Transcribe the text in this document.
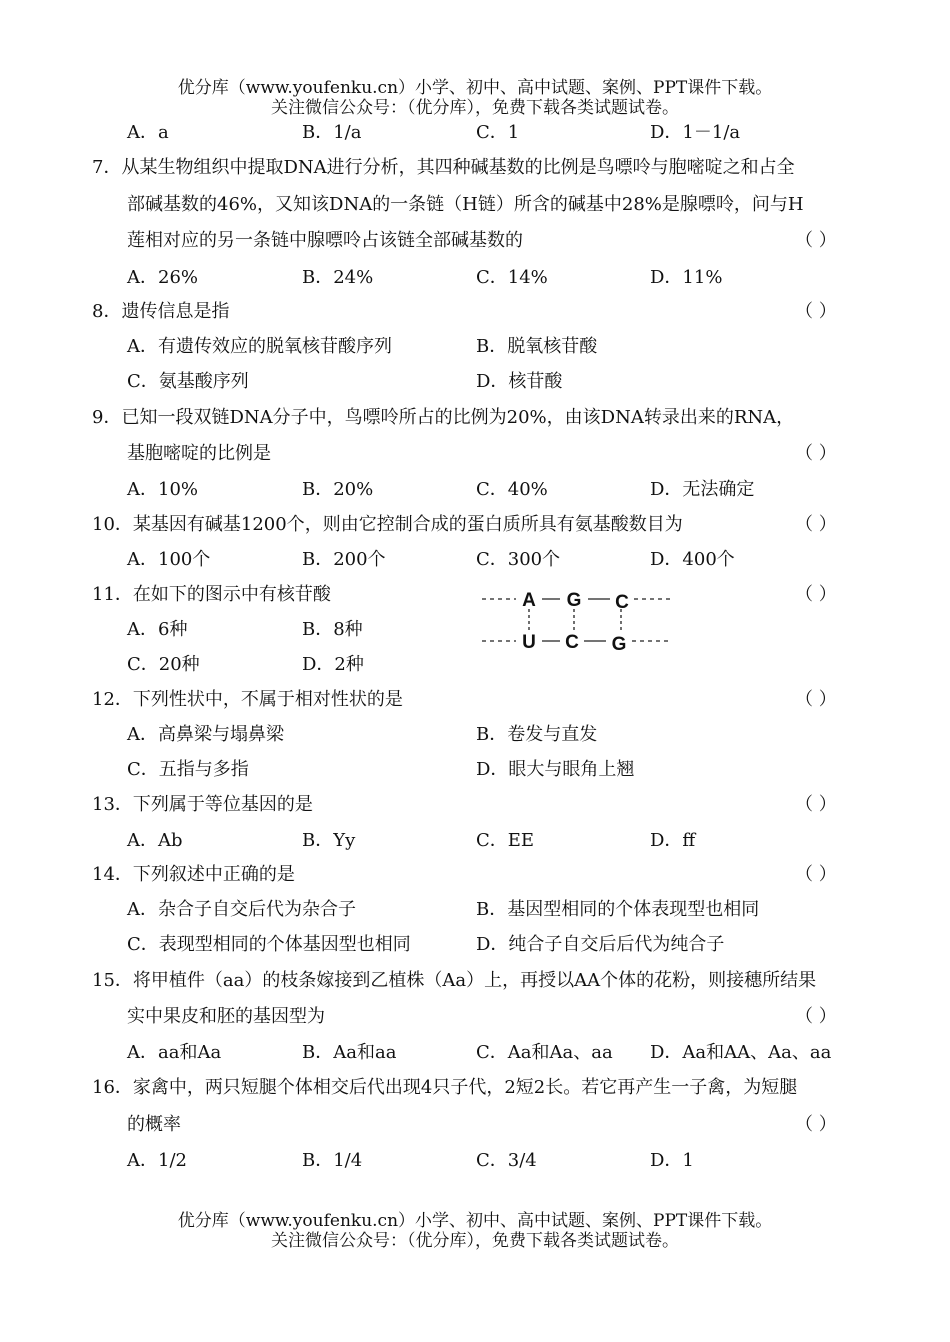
优分库（www.youfenku.cn）小学、初中、高中试题、案例、PPT课件下载。
关注微信公众号：（优分库），免费下载各类试题试卷。
A．a	B．1/a	C．1	D．1－1/a
7．从某生物组织中提取DNA进行分析，其四种碱基数的比例是鸟嘌呤与胞嘧啶之和占全
部碱基数的46%，又知该DNA的一条链（H链）所含的碱基中28%是腺嘌呤，问与H
莲相对应的另一条链中腺嘌呤占该链全部碱基数的	（ ）
A．26%	B．24%	C．14%	D．11%
8．遗传信息是指	（ ）
A．有遗传效应的脱氧核苷酸序列	B．脱氧核苷酸
C．氨基酸序列	D．核苷酸
9．已知一段双链DNA分子中，鸟嘌呤所占的比例为20%，由该DNA转录出来的RNA，
基胞嘧啶的比例是	（ ）
A．10%	B．20%	C．40%	D．无法确定
10．某基因有碱基1200个，则由它控制合成的蛋白质所具有氨基酸数目为	（ ）
A．100个	B．200个	C．300个	D．400个
11．在如下的图示中有核苷酸	（ ）
A．6种	B．8种
C．20种	D．2种
A G C
U C G
12．下列性状中，不属于相对性状的是	（ ）
A．高鼻梁与塌鼻梁	B．卷发与直发
C．五指与多指	D．眼大与眼角上翘
13．下列属于等位基因的是	（ ）
A．Ab	B．Yy	C．EE	D．ff
14．下列叙述中正确的是	（ ）
A．杂合子自交后代为杂合子	B．基因型相同的个体表现型也相同
C．表现型相同的个体基因型也相同	D．纯合子自交后后代为纯合子
15．将甲植件（aa）的枝条嫁接到乙植株（Aa）上，再授以AA个体的花粉，则接穗所结果
实中果皮和胚的基因型为	（ ）
A．aa和Aa	B．Aa和aa	C．Aa和Aa、aa D．Aa和AA、Aa、aa
16．家禽中，两只短腿个体相交后代出现4只子代，2短2长。若它再产生一子禽，为短腿
的概率	（ ）
A．1/2	B．1/4	C．3/4	D．1
优分库（www.youfenku.cn）小学、初中、高中试题、案例、PPT课件下载。
关注微信公众号：（优分库），免费下载各类试题试卷。
